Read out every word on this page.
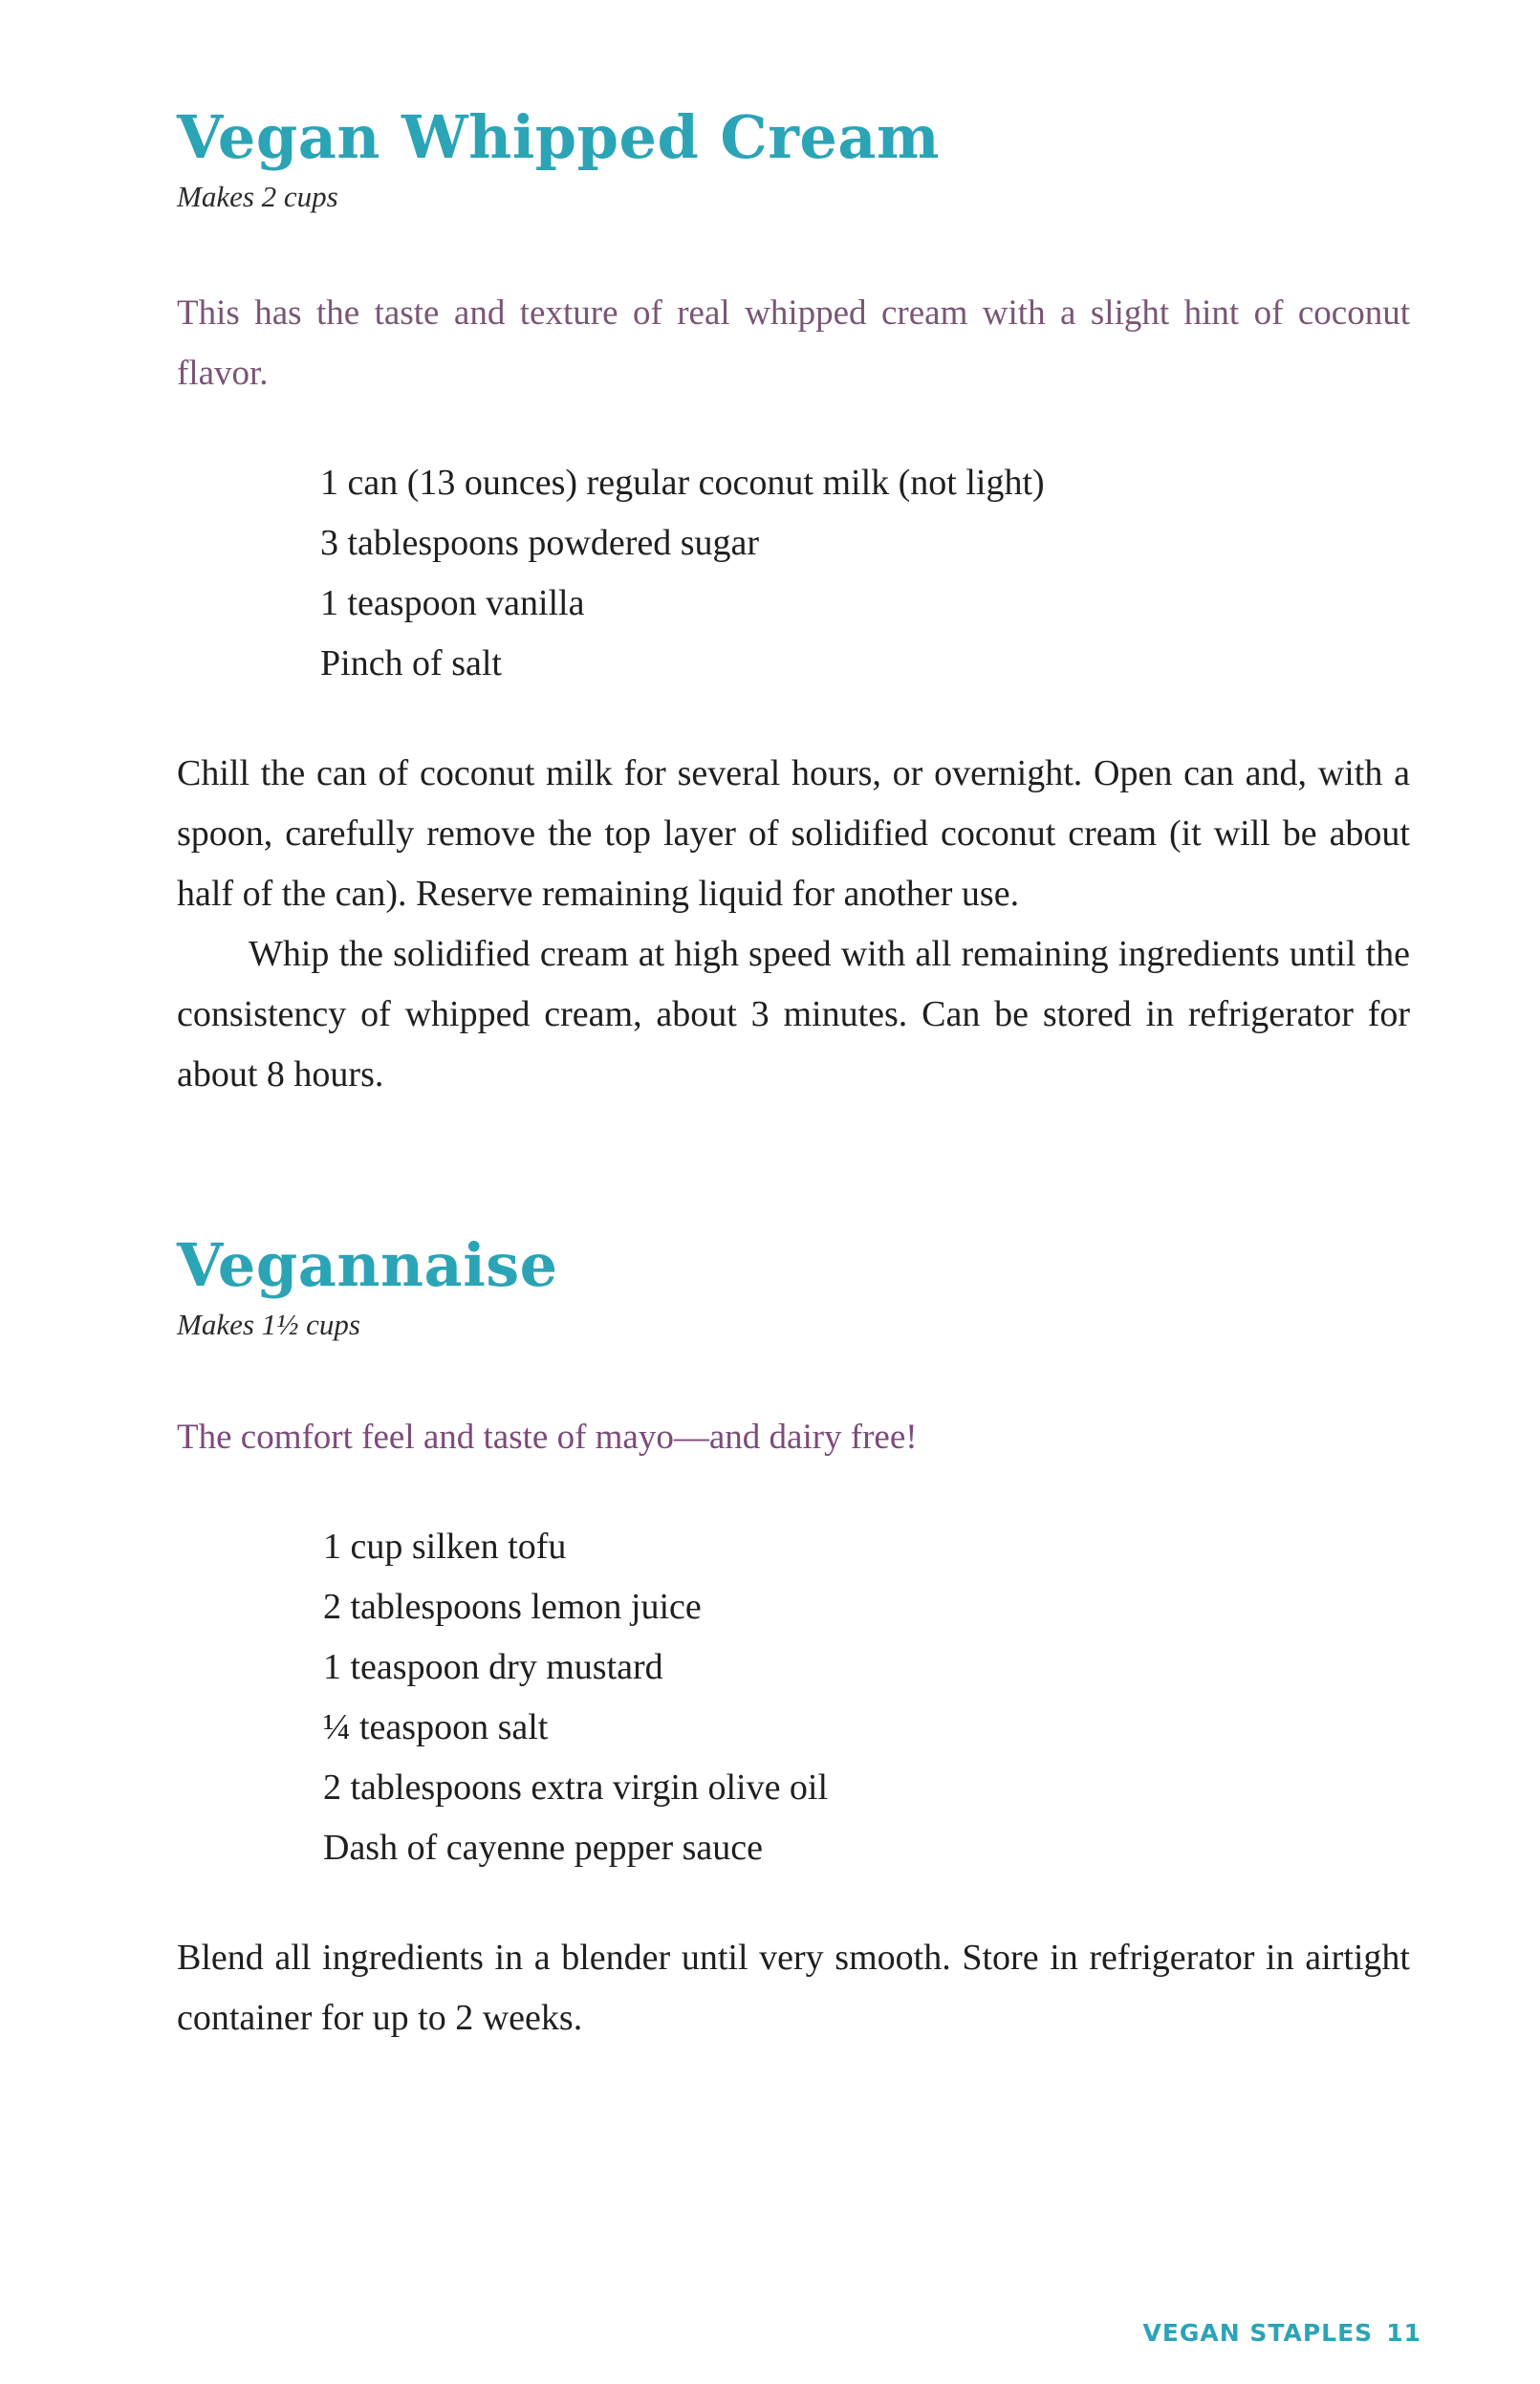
Vegan Whipped Cream
Makes 2 cups

This has the taste and texture of real whipped cream with a slight hint of coconut flavor.

1 can (13 ounces) regular coconut milk (not light)
3 tablespoons powdered sugar
1 teaspoon vanilla
Pinch of salt

Chill the can of coconut milk for several hours, or overnight. Open can and, with a spoon, carefully remove the top layer of solidified coconut cream (it will be about half of the can). Reserve remaining liquid for another use.

Whip the solidified cream at high speed with all remaining ingredients until the consistency of whipped cream, about 3 minutes. Can be stored in refrigerator for about 8 hours.

Vegannaise
Makes 1½ cups

The comfort feel and taste of mayo—and dairy free!

1 cup silken tofu
2 tablespoons lemon juice
1 teaspoon dry mustard
¼ teaspoon salt
2 tablespoons extra virgin olive oil
Dash of cayenne pepper sauce

Blend all ingredients in a blender until very smooth. Store in refrigerator in airtight container for up to 2 weeks.

VEGAN STAPLES 11
